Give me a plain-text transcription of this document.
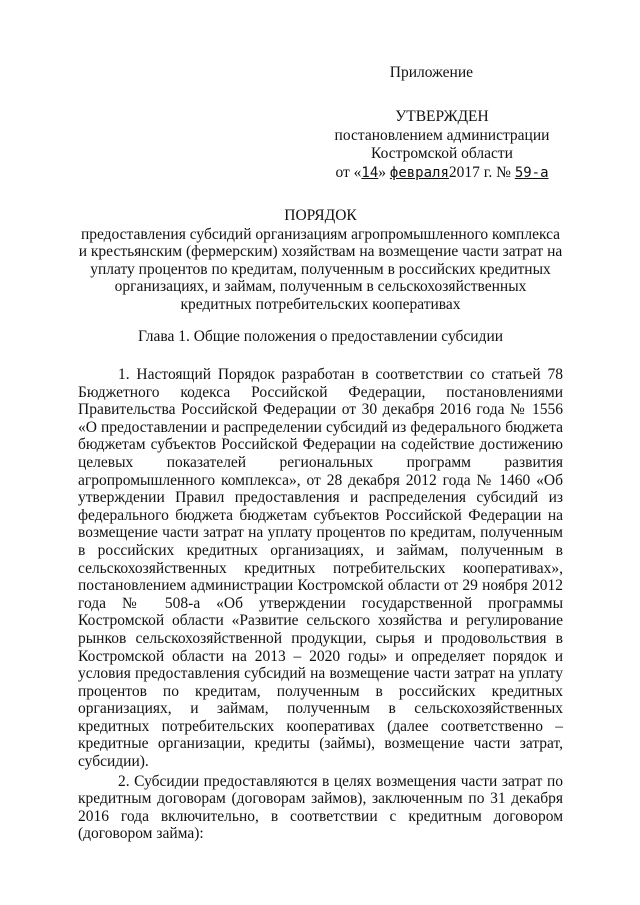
Приложение
УТВЕРЖДЕН
постановлением администрации
Костромской области
от «14» февраля2017 г. № 59-а
ПОРЯДОК
предоставления субсидий организациям агропромышленного комплекса и крестьянским (фермерским) хозяйствам на возмещение части затрат на уплату процентов по кредитам, полученным в российских кредитных организациях, и займам, полученным в сельскохозяйственных кредитных потребительских кооперативах
Глава 1. Общие положения о предоставлении субсидии

1. Настоящий Порядок разработан в соответствии со статьей 78 Бюджетного кодекса Российской Федерации, постановлениями Правительства Российской Федерации от 30 декабря 2016 года № 1556 «О предоставлении и распределении субсидий из федерального бюджета бюджетам субъектов Российской Федерации на содействие достижению целевых показателей региональных программ развития агропромышленного комплекса», от 28 декабря 2012 года № 1460 «Об утверждении Правил предоставления и распределения субсидий из федерального бюджета бюджетам субъектов Российской Федерации на возмещение части затрат на уплату процентов по кредитам, полученным в российских кредитных организациях, и займам, полученным в сельскохозяйственных кредитных потребительских кооперативах», постановлением администрации Костромской области от 29 ноября 2012 года № 508-а «Об утверждении государственной программы Костромской области «Развитие сельского хозяйства и регулирование рынков сельскохозяйственной продукции, сырья и продовольствия в Костромской области на 2013 – 2020 годы» и определяет порядок и условия предоставления субсидий на возмещение части затрат на уплату процентов по кредитам, полученным в российских кредитных организациях, и займам, полученным в сельскохозяйственных кредитных потребительских кооперативах (далее соответственно – кредитные организации, кредиты (займы), возмещение части затрат, субсидии).

2. Субсидии предоставляются в целях возмещения части затрат по кредитным договорам (договорам займов), заключенным по 31 декабря 2016 года включительно, в соответствии с кредитным договором (договором займа):
